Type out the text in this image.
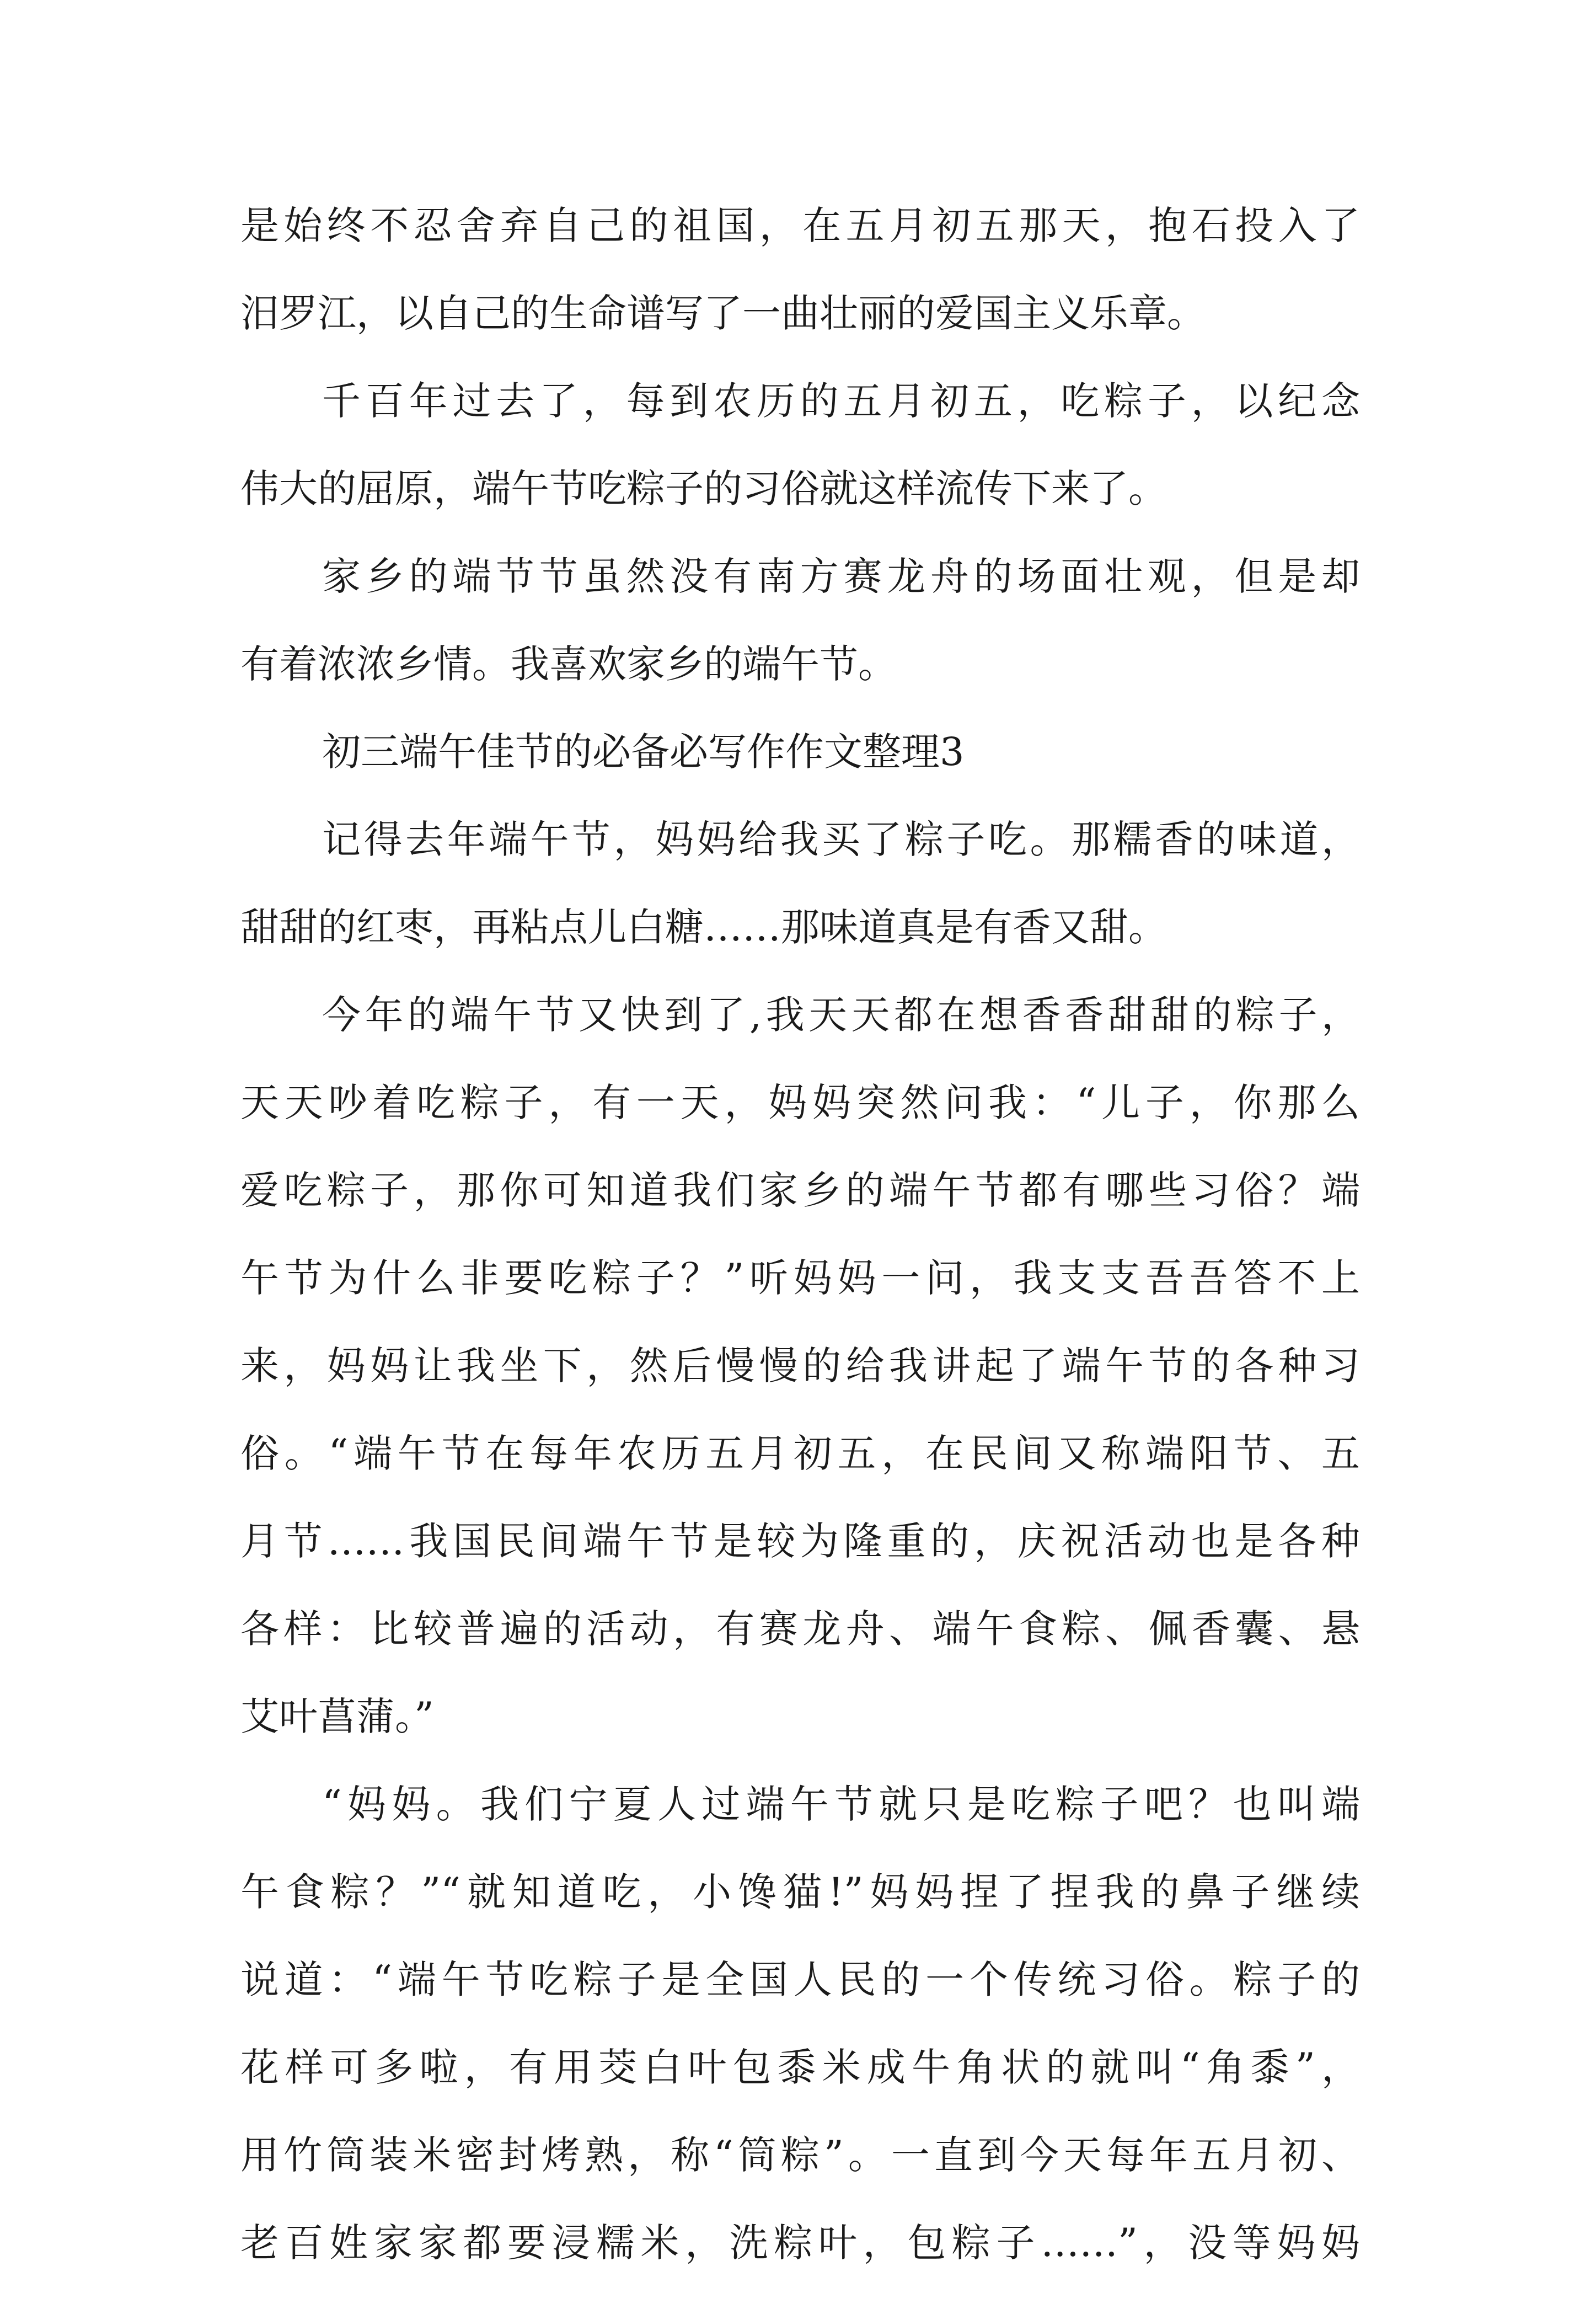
是始终不忍舍弃自己的祖国，在五月初五那天，抱石投入了
汨罗江，以自己的生命谱写了一曲壮丽的爱国主义乐章。
千百年过去了，每到农历的五月初五，吃粽子，以纪念
伟大的屈原，端午节吃粽子的习俗就这样流传下来了。
家乡的端节节虽然没有南方赛龙舟的场面壮观，但是却
有着浓浓乡情。我喜欢家乡的端午节。
初三端午佳节的必备必写作作文整理3
记得去年端午节，妈妈给我买了粽子吃。那糯香的味道，
甜甜的红枣，再粘点儿白糖……那味道真是有香又甜。
今年的端午节又快到了,我天天都在想香香甜甜的粽子，
天天吵着吃粽子，有一天，妈妈突然问我：“儿子，你那么
爱吃粽子，那你可知道我们家乡的端午节都有哪些习俗？端
午节为什么非要吃粽子？”听妈妈一问，我支支吾吾答不上
来，妈妈让我坐下，然后慢慢的给我讲起了端午节的各种习
俗。“端午节在每年农历五月初五，在民间又称端阳节、五
月节……我国民间端午节是较为隆重的，庆祝活动也是各种
各样：比较普遍的活动，有赛龙舟、端午食粽、佩香囊、悬
艾叶菖蒲。”
“妈妈。我们宁夏人过端午节就只是吃粽子吧？也叫端
午食粽？”“就知道吃，小馋猫!”妈妈捏了捏我的鼻子继续
说道：“端午节吃粽子是全国人民的一个传统习俗。粽子的
花样可多啦，有用茭白叶包黍米成牛角状的就叫“角黍”，
用竹筒装米密封烤熟，称“筒粽”。一直到今天每年五月初、
老百姓家家都要浸糯米，洗粽叶，包粽子……”，没等妈妈
